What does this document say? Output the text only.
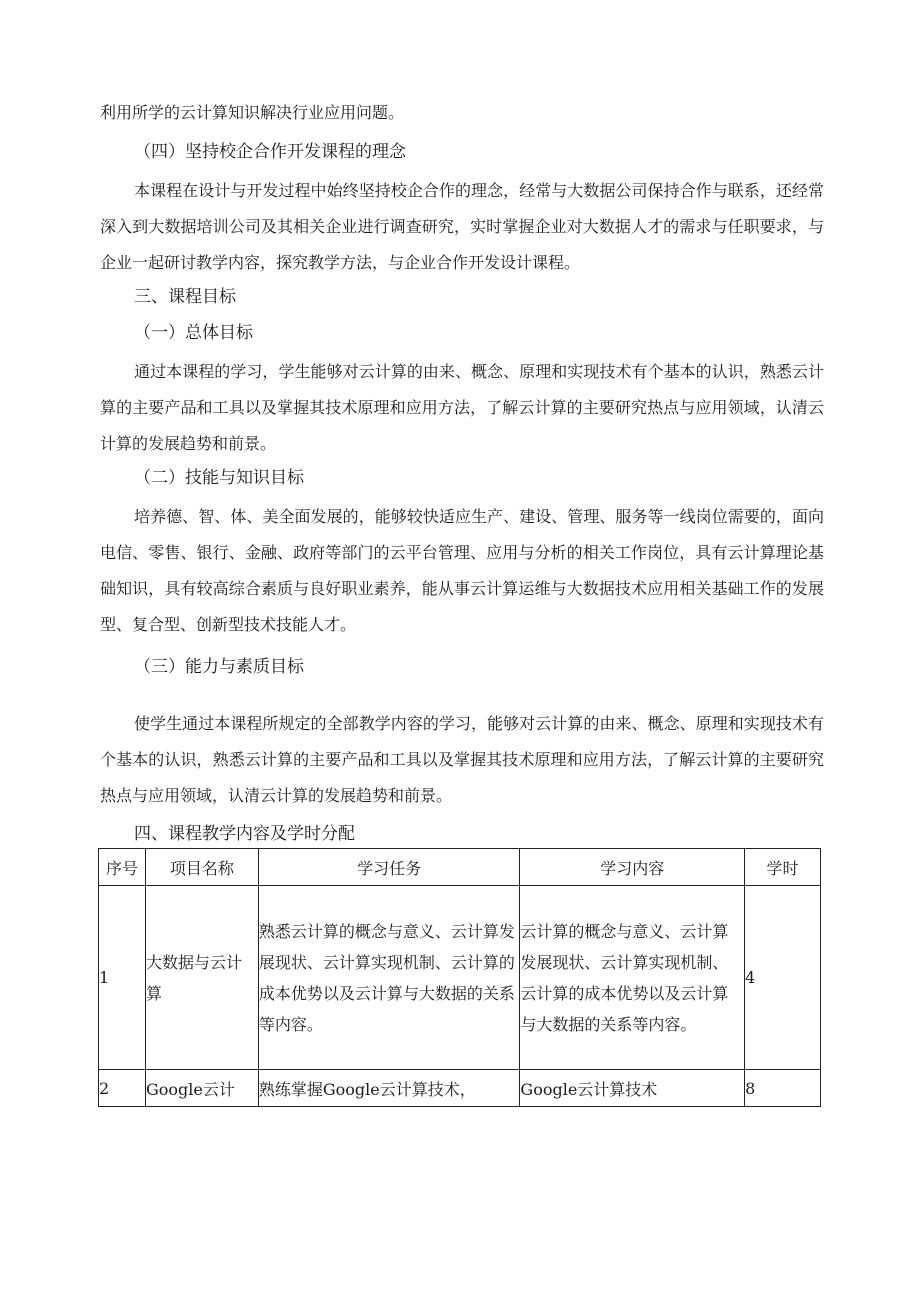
利用所学的云计算知识解决行业应用问题。
（四）坚持校企合作开发课程的理念
本课程在设计与开发过程中始终坚持校企合作的理念，经常与大数据公司保持合作与联系，还经常深入到大数据培训公司及其相关企业进行调查研究，实时掌握企业对大数据人才的需求与任职要求，与企业一起研讨教学内容，探究教学方法，与企业合作开发设计课程。
三、课程目标
（一）总体目标
通过本课程的学习，学生能够对云计算的由来、概念、原理和实现技术有个基本的认识，熟悉云计算的主要产品和工具以及掌握其技术原理和应用方法，了解云计算的主要研究热点与应用领域，认清云计算的发展趋势和前景。
（二）技能与知识目标
培养德、智、体、美全面发展的，能够较快适应生产、建设、管理、服务等一线岗位需要的，面向电信、零售、银行、金融、政府等部门的云平台管理、应用与分析的相关工作岗位，具有云计算理论基础知识，具有较高综合素质与良好职业素养，能从事云计算运维与大数据技术应用相关基础工作的发展型、复合型、创新型技术技能人才。
（三）能力与素质目标
使学生通过本课程所规定的全部教学内容的学习，能够对云计算的由来、概念、原理和实现技术有个基本的认识，熟悉云计算的主要产品和工具以及掌握其技术原理和应用方法，了解云计算的主要研究热点与应用领域，认清云计算的发展趋势和前景。
四、课程教学内容及学时分配
序号	项目名称	学习任务	学习内容	学时
1	大数据与云计算	熟悉云计算的概念与意义、云计算发展现状、云计算实现机制、云计算的成本优势以及云计算与大数据的关系等内容。	云计算的概念与意义、云计算发展现状、云计算实现机制、云计算的成本优势以及云计算与大数据的关系等内容。	4
2	Google云计	熟练掌握Google云计算技术，	Google云计算技术	8
